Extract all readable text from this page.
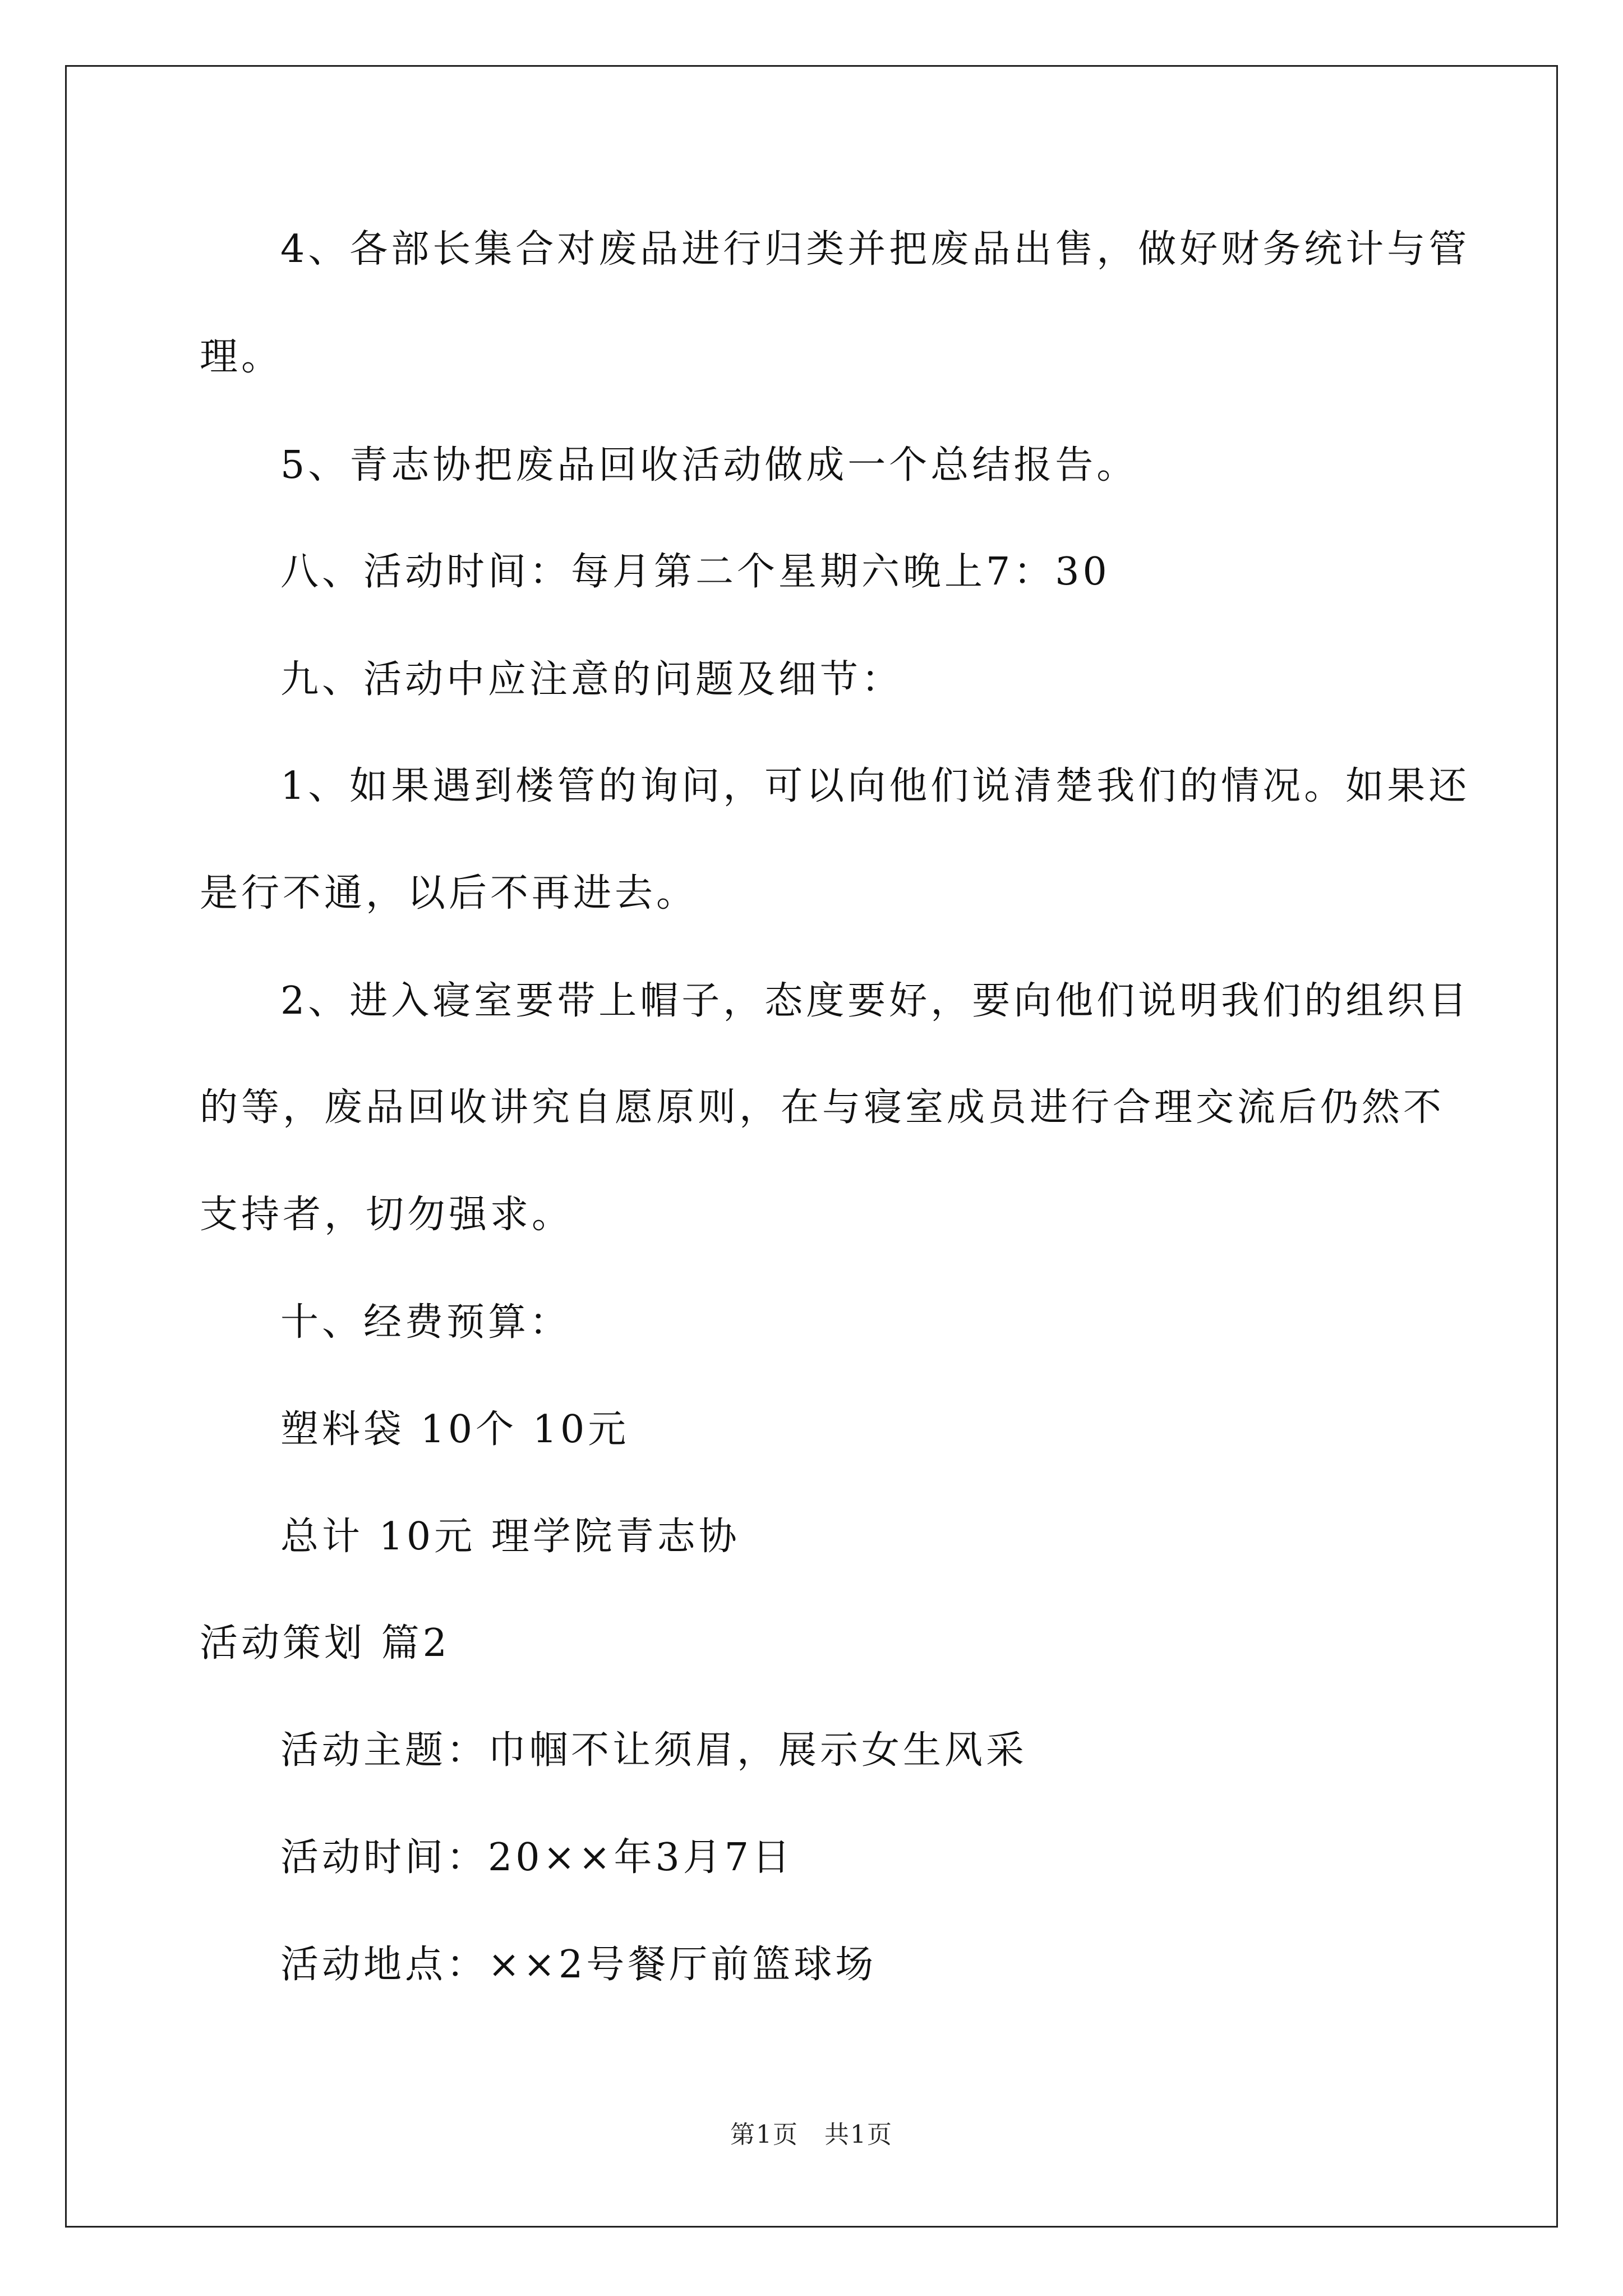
4、各部长集合对废品进行归类并把废品出售，做好财务统计与管
理。
5、青志协把废品回收活动做成一个总结报告。
八、活动时间：每月第二个星期六晚上7：30
九、活动中应注意的问题及细节：
1、如果遇到楼管的询问，可以向他们说清楚我们的情况。如果还
是行不通，以后不再进去。
2、进入寝室要带上帽子，态度要好，要向他们说明我们的组织目
的等，废品回收讲究自愿原则，在与寝室成员进行合理交流后仍然不
支持者，切勿强求。
十、经费预算：
塑料袋 10个 10元
总计 10元 理学院青志协
活动策划 篇2
活动主题：巾帼不让须眉，展示女生风采
活动时间：20××年3月7日
活动地点：××2号餐厅前篮球场
第1页　共1页
